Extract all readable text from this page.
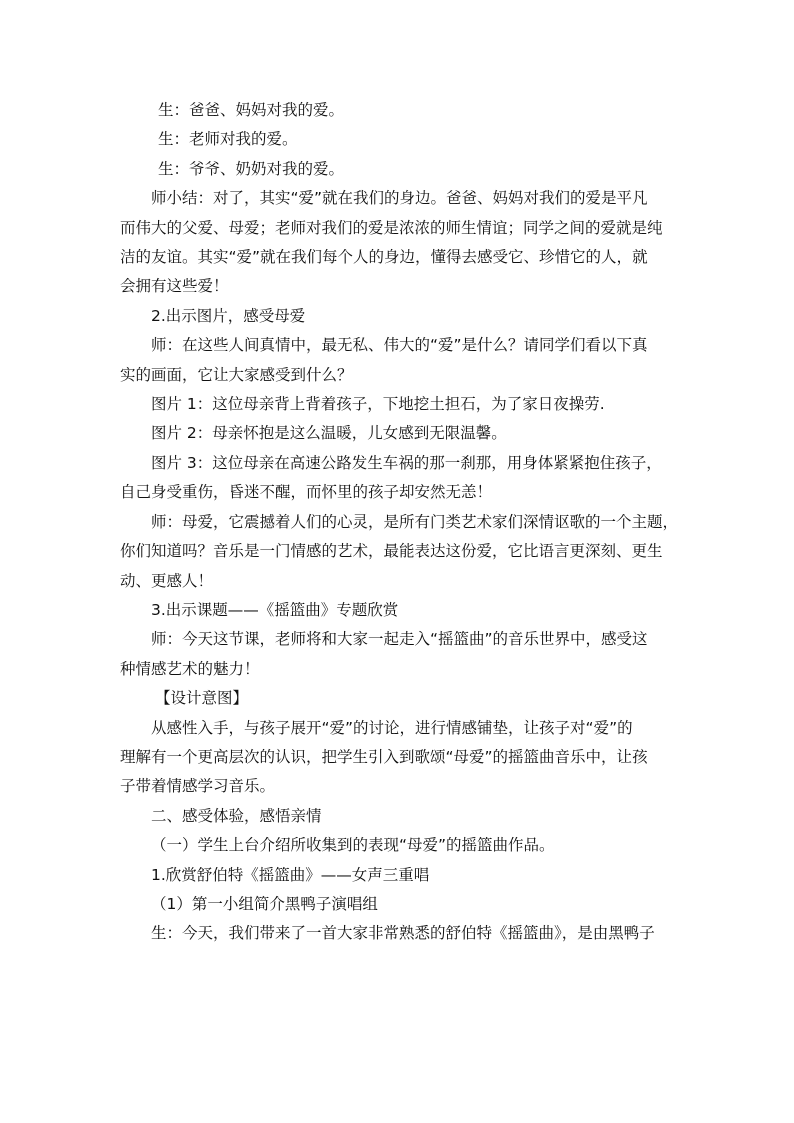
生：爸爸、妈妈对我的爱。

生：老师对我的爱。

生：爷爷、奶奶对我的爱。

师小结：对了，其实“爱”就在我们的身边。爸爸、妈妈对我们的爱是平凡

而伟大的父爱、母爱；老师对我们的爱是浓浓的师生情谊；同学之间的爱就是纯

洁的友谊。其实“爱”就在我们每个人的身边，懂得去感受它、珍惜它的人，就

会拥有这些爱！

2.出示图片，感受母爱

师：在这些人间真情中，最无私、伟大的“爱”是什么？请同学们看以下真

实的画面，它让大家感受到什么？

图片 1：这位母亲背上背着孩子，下地挖土担石，为了家日夜操劳.

图片 2：母亲怀抱是这么温暖，儿女感到无限温馨。

图片 3：这位母亲在高速公路发生车祸的那一刹那，用身体紧紧抱住孩子，

自己身受重伤，昏迷不醒，而怀里的孩子却安然无恙！

师：母爱，它震撼着人们的心灵，是所有门类艺术家们深情讴歌的一个主题，

你们知道吗？音乐是一门情感的艺术，最能表达这份爱，它比语言更深刻、更生

动、更感人！

3.出示课题——《摇篮曲》专题欣赏

师：今天这节课，老师将和大家一起走入“摇篮曲”的音乐世界中，感受这

种情感艺术的魅力！

【设计意图】

从感性入手，与孩子展开“爱”的讨论，进行情感铺垫，让孩子对“爱”的

理解有一个更高层次的认识，把学生引入到歌颂“母爱”的摇篮曲音乐中，让孩

子带着情感学习音乐。

二、感受体验，感悟亲情

（一）学生上台介绍所收集到的表现“母爱”的摇篮曲作品。

1.欣赏舒伯特《摇篮曲》——女声三重唱

（1）第一小组简介黑鸭子演唱组

生：今天，我们带来了一首大家非常熟悉的舒伯特《摇篮曲》，是由黑鸭子
